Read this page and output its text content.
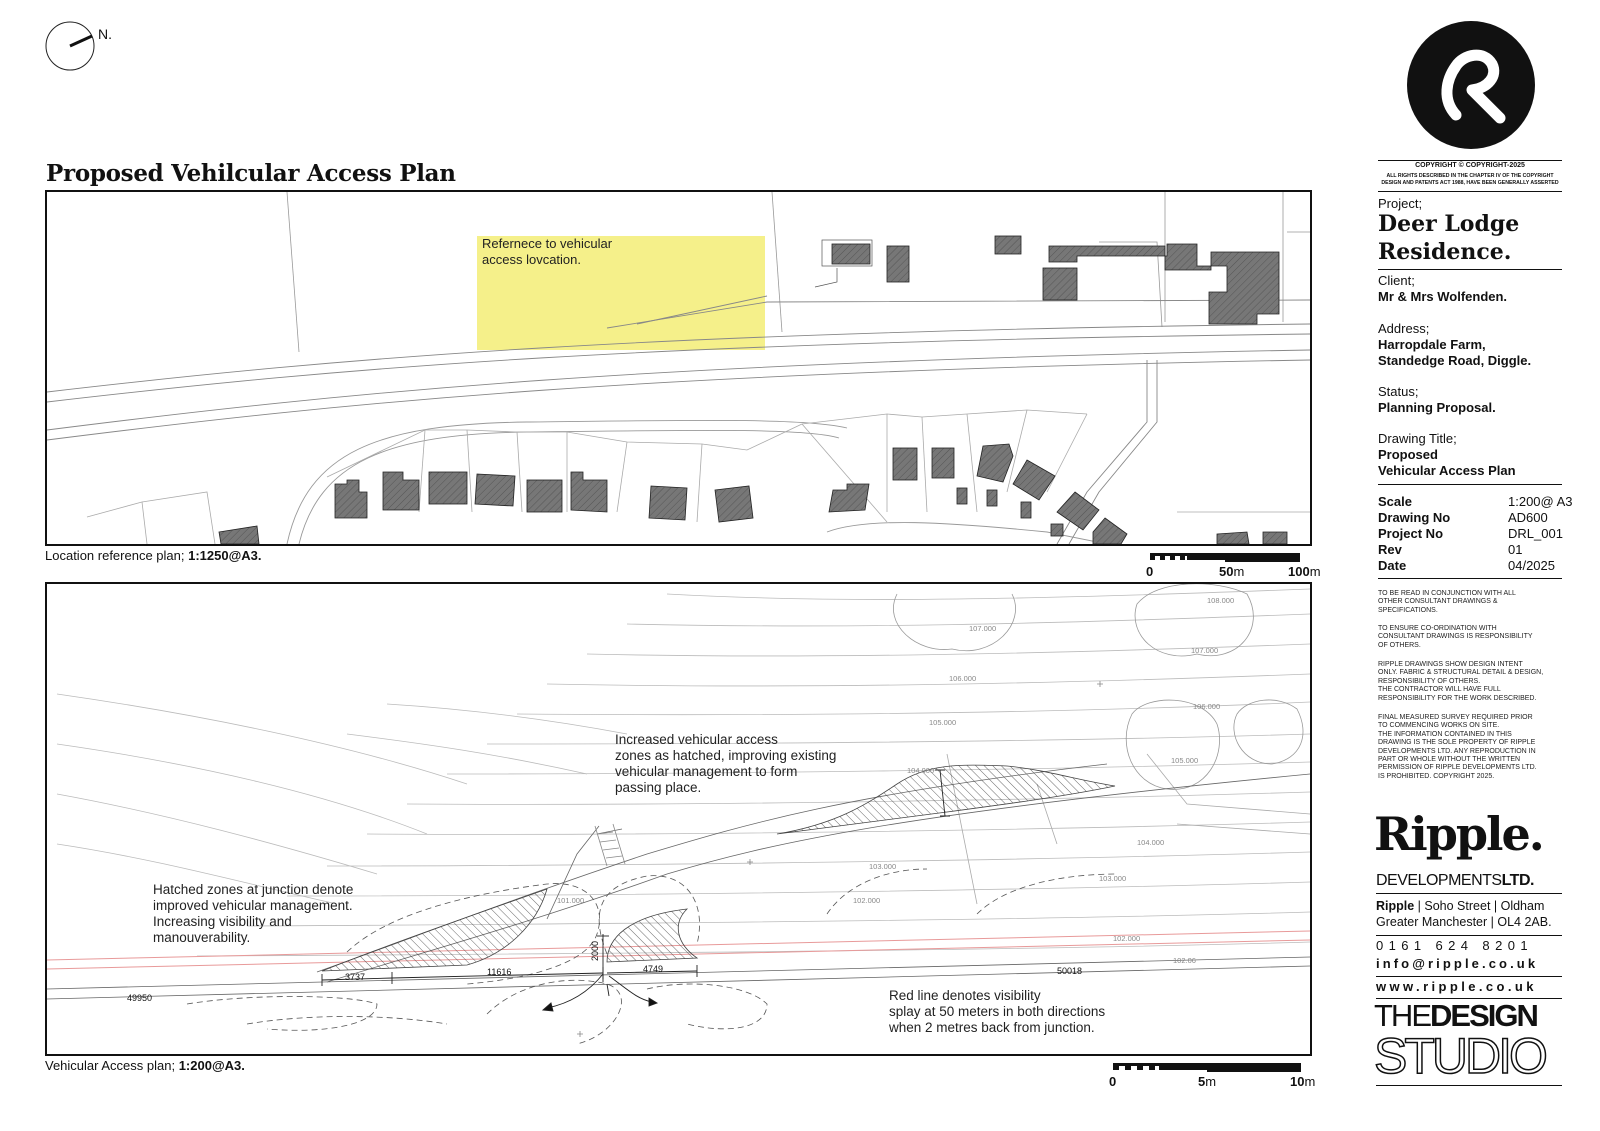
N.
Proposed Vehilcular Access Plan
Refernece to vehicular
access lovcation.
Location reference plan; 1:1250@A3.
0	50m	100m
3737	11616	4749
2000
50018
49950
108.000
107.000
107.000
106.000
106.000
105.000
105.000
104.000
104.000
103.000
103.000
102.000
102.000
101.000
102.06
Increased vehicular access
zones as hatched, improving existing
vehicular management to form
passing place.
Hatched zones at junction denote
improved vehicular management.
Increasing visibility and
manouverability.
Red line denotes visibility
splay at 50 meters in both directions
when 2 metres back from junction.
Vehicular Access plan; 1:200@A3.
0	5m	10m
COPYRIGHT © COPYRIGHT-2025
ALL RIGHTS DESCRIBED IN THE CHAPTER IV OF THE COPYRIGHT DESIGN AND PATENTS ACT 1988, HAVE BEEN GENERALLY ASSERTED
Project;
Deer Lodge
Residence.
Client;
Mr & Mrs Wolfenden.
Address;
Harropdale Farm,
Standedge Road, Diggle.
Status;
Planning Proposal.
Drawing Title;
Proposed
Vehicular Access Plan
Scale	1:200@ A3
Drawing No	AD600
Project No	DRL_001
Rev	01
Date	04/2025
TO BE READ IN CONJUNCTION WITH ALL
OTHER CONSULTANT DRAWINGS &
SPECIFICATIONS.
TO ENSURE CO-ORDINATION WITH
CONSULTANT DRAWINGS IS RESPONSIBILITY
OF OTHERS.
RIPPLE DRAWINGS SHOW DESIGN INTENT
ONLY. FABRIC & STRUCTURAL DETAIL & DESIGN,
RESPONSIBILITY OF OTHERS.
THE CONTRACTOR WILL HAVE FULL
RESPONSIBILITY FOR THE WORK DESCRIBED.
FINAL MEASURED SURVEY REQUIRED PRIOR
TO COMMENCING WORKS ON SITE.
THE INFORMATION CONTAINED IN THIS
DRAWING IS THE SOLE PROPERTY OF RIPPLE
DEVELOPMENTS LTD. ANY REPRODUCTION IN
PART OR WHOLE WITHOUT THE WRITTEN
PERMISSION OF RIPPLE DEVELOPMENTS LTD.
IS PROHIBITED. COPYRIGHT 2025.
Ripple.
DEVELOPMENTSLTD.
Ripple | Soho Street | Oldham
Greater Manchester | OL4 2AB.
0161 624 8201
info@ripple.co.uk
www.ripple.co.uk
THEDESIGN
STUDIO
